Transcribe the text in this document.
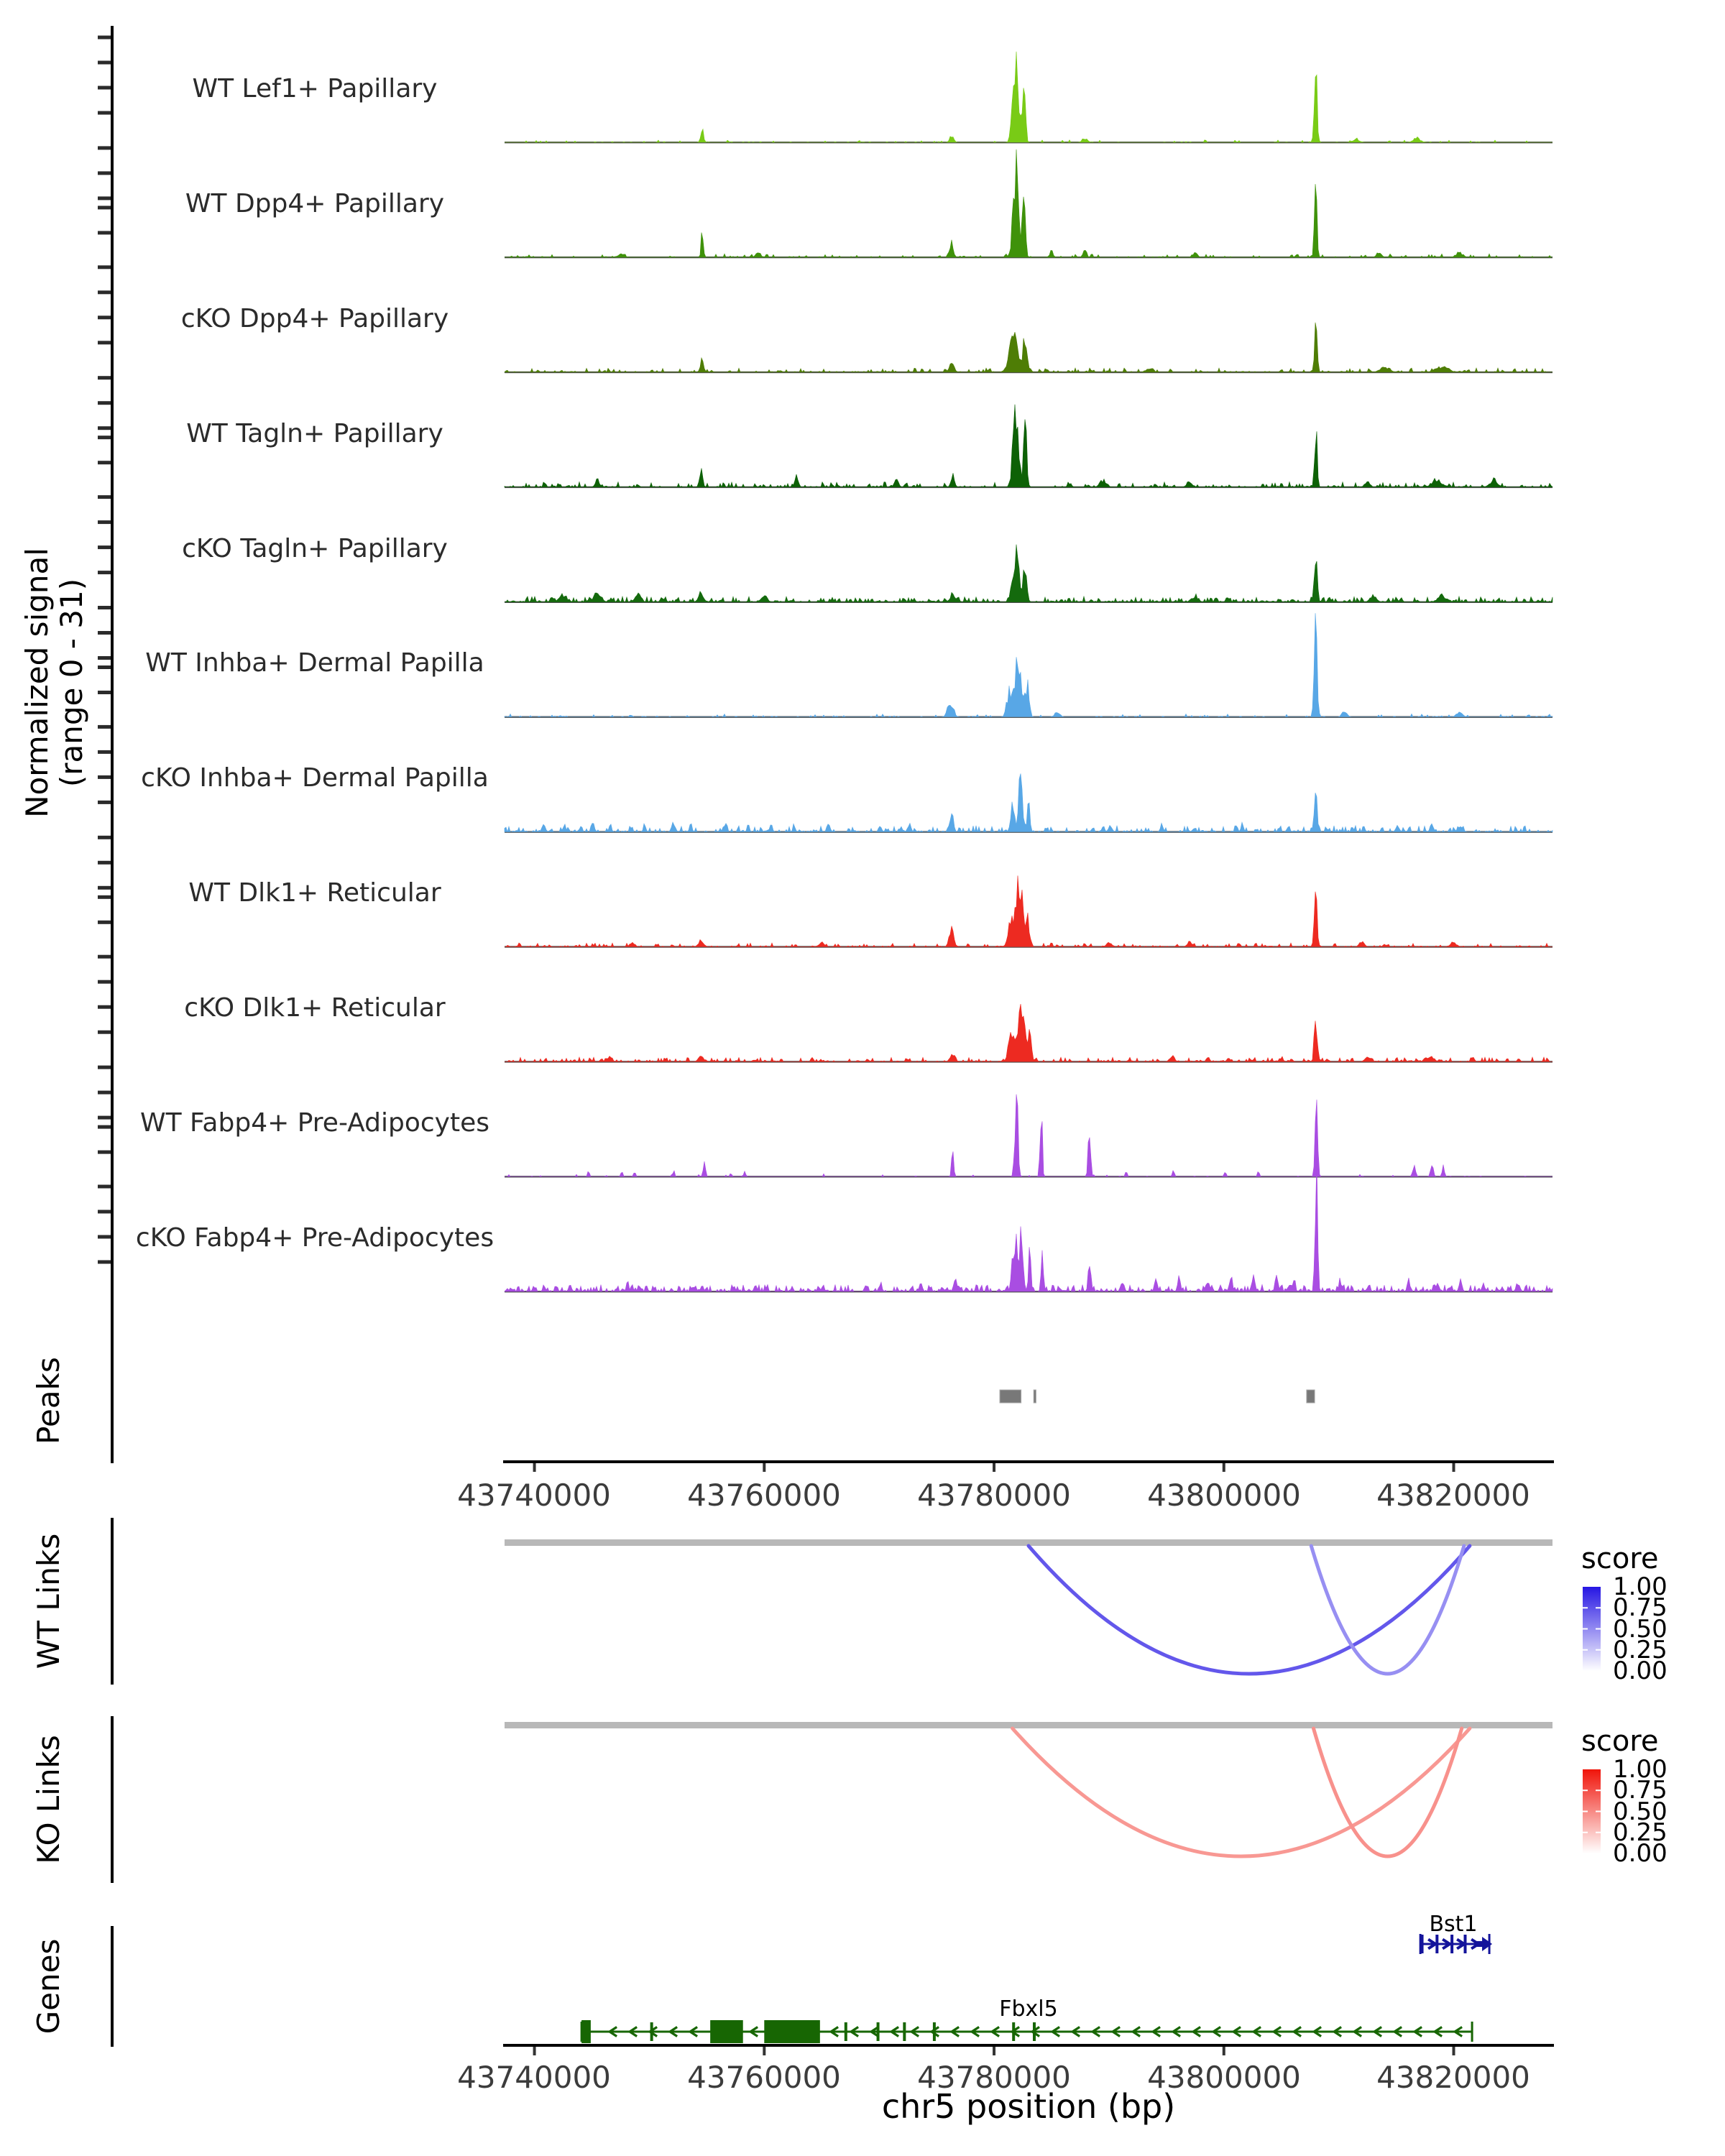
Normalized signal (range 0 - 31)
WT Lef1+ Papillary
WT Dpp4+ Papillary
cKO Dpp4+ Papillary
WT Tagln+ Papillary
cKO Tagln+ Papillary
WT Inhba+ Dermal Papilla
cKO Inhba+ Dermal Papilla
WT Dlk1+ Reticular
cKO Dlk1+ Reticular
WT Fabp4+ Pre-Adipocytes
cKO Fabp4+ Pre-Adipocytes
Peaks
WT Links
KO Links
Genes
43740000	43760000	43780000	43800000	43820000
43740000	43760000	43780000	43800000	43820000
chr5 position (bp)
score
1.00
0.75
0.50
0.25
0.00
score
1.00
0.75
0.50
0.25
0.00
Fbxl5
Bst1
